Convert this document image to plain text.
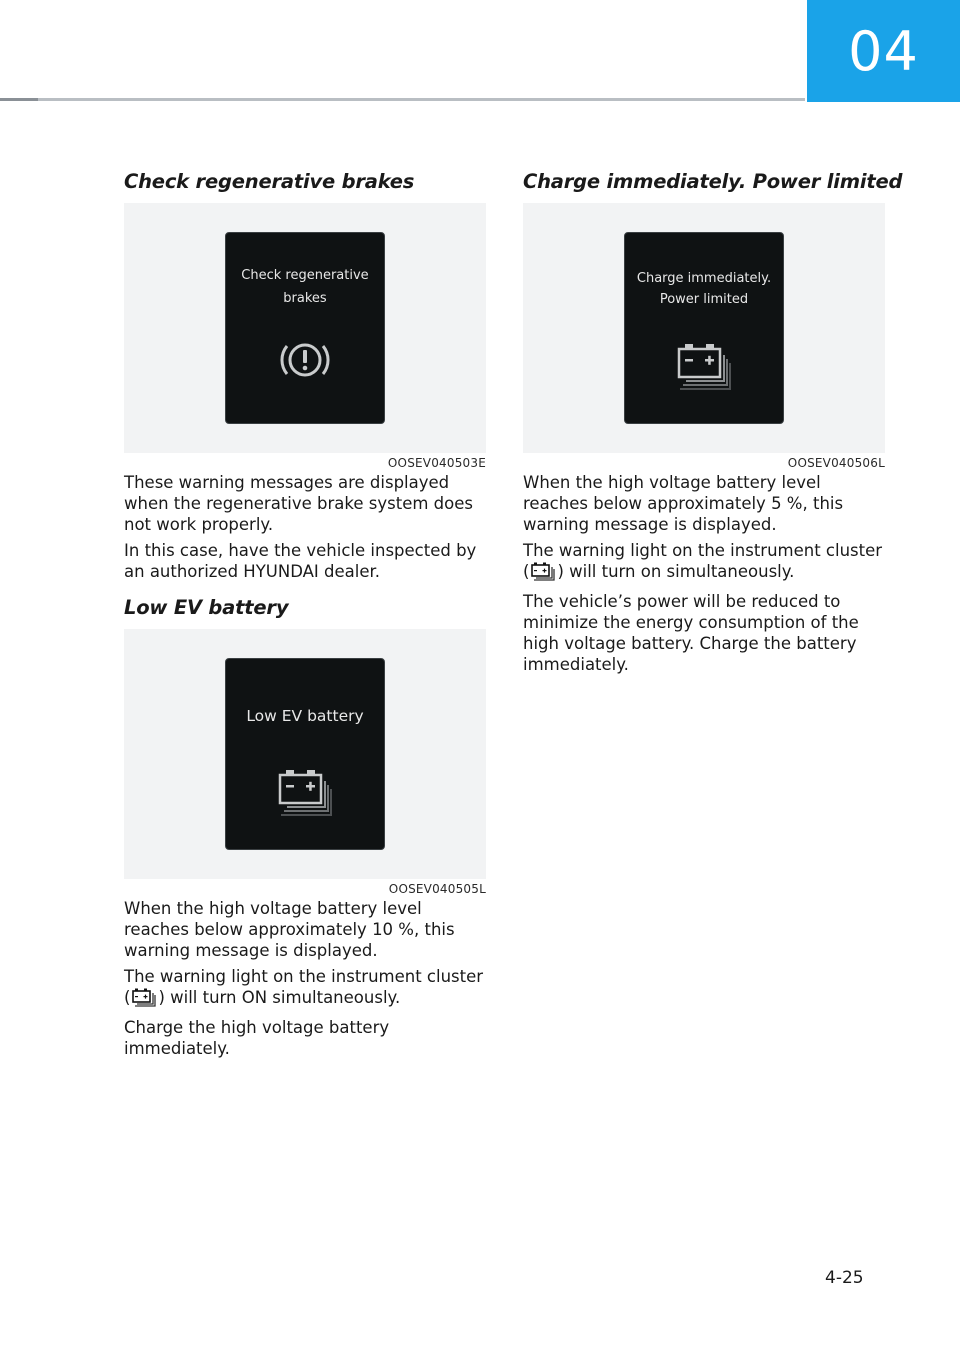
04
Check regenerative brakes
Check regenerative
brakes
OOSEV040503E

These warning messages are displayed when the regenerative brake system does not work properly.

In this case, have the vehicle inspected by an authorized HYUNDAI dealer.

Low EV battery
Low EV battery
OOSEV040505L

When the high voltage battery level reaches below approximately 10 %, this warning message is displayed.

The warning light on the instrument cluster ( ) will turn ON simultaneously.

Charge the high voltage battery immediately.

Charge immediately. Power limited
Charge immediately.
Power limited
OOSEV040506L

When the high voltage battery level reaches below approximately 5 %, this warning message is displayed.

The warning light on the instrument cluster ( ) will turn on simultaneously.

The vehicle’s power will be reduced to minimize the energy consumption of the high voltage battery. Charge the battery immediately.

4-25
